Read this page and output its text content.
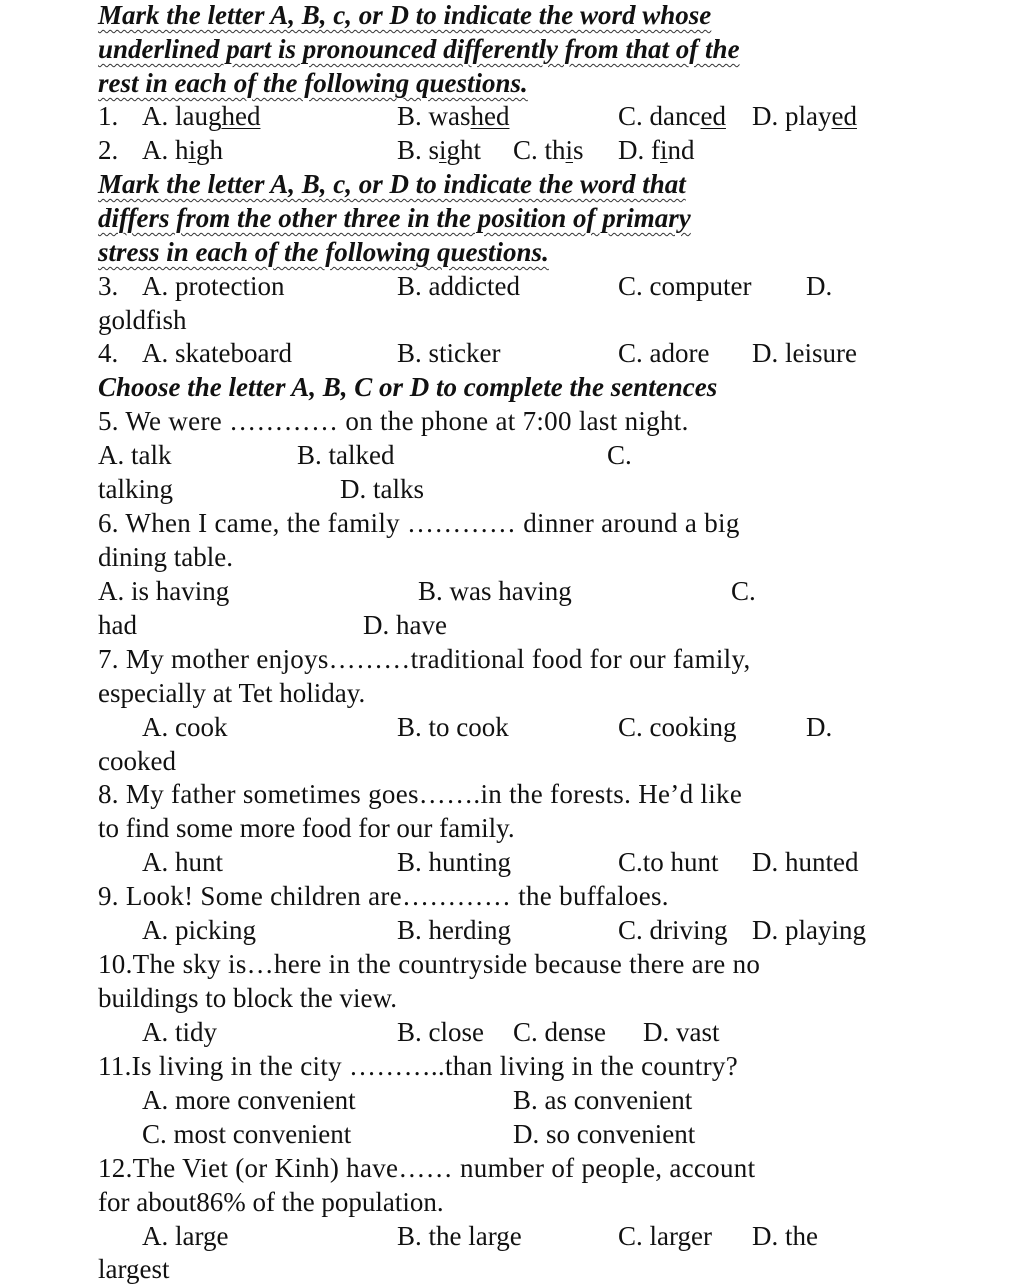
Mark the letter A, B, c, or D to indicate the word whose
underlined part is pronounced differently from that of the
rest in each of the following questions.
1. A. laughed	B. washed	C. danced D. played
2. A. high	B. sight C. this D. find
Mark the letter A, B, c, or D to indicate the word that
differs from the other three in the position of primary
stress in each of the following questions.
3. A. protection	B. addicted	C. computer D.
goldfish
4. A. skateboard	B. sticker	C. adore D. leisure
Choose the letter A, B, C or D to complete the sentences
5. We were ………… on the phone at 7:00 last night.
A. talk	B. talked	C.
talking	D. talks
6. When I came, the family ………… dinner around a big
dining table.
A. is having	B. was having	C.
had	D. have
7. My mother enjoys………traditional food for our family,
especially at Tet holiday.
A. cook	B. to cook	C. cooking	D.
cooked
8. My father sometimes goes…….in the forests. He’d like
to find some more food for our family.
A. hunt	B. hunting	C.to hunt D. hunted
9. Look! Some children are………… the buffaloes.
A. picking	B. herding	C. driving D. playing
10.The sky is…here in the countryside because there are no
buildings to block the view.
A. tidy	B. close C. dense D. vast
11.Is living in the city ………..than living in the country?
A. more convenient	B. as convenient
C. most convenient	D. so convenient
12.The Viet (or Kinh) have…… number of people, account
for about86% of the population.
A. large	B. the large	C. larger D. the
largest
